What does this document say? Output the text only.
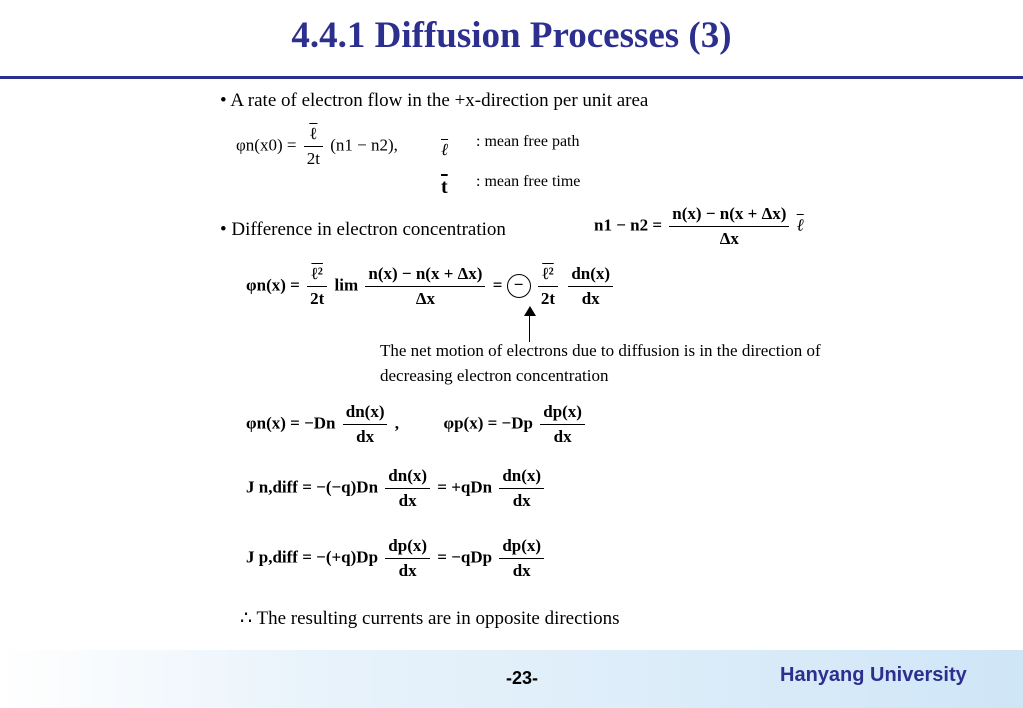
4.4.1 Diffusion Processes (3)
• A rate of electron flow in the +x-direction per unit area
$\varphi n(x0) = \frac{\text{ℓ}}{2t} (n1 - n2)$,	ℓ : mean free path
$\overline{t}$ : mean free time
• Difference in electron concentration	$n1 - n2 = \frac{n(x) - n(x + \Delta x)}{\Delta x}$ ℓ
$\varphi n(x) = \frac{\text{ℓ²}}{2t}$ $\lim \frac{n(x) - n(x + \Delta x)}{\Delta x}$ = − $\frac{\text{ℓ²}}{2t}$
$\frac{dn(x)}{dx}$
The net motion of electrons due to diffusion is in the direction of
decreasing electron concentration
$\varphi n(x) = -Dn \frac{dn(x)}{dx}$ ,	$\varphi p(x) = -Dp \frac{dp(x)}{dx}$
J n,diff = $-(-q)Dn \frac{dn(x)}{dx} = +qDn \frac{dn(x)}{dx}$
J p,diff = $-(+q)Dp \frac{dp(x)}{dx} = -qDp \frac{dp(x)}{dx}$
∴ The resulting currents are in opposite directions
-23-	Hanyang University
